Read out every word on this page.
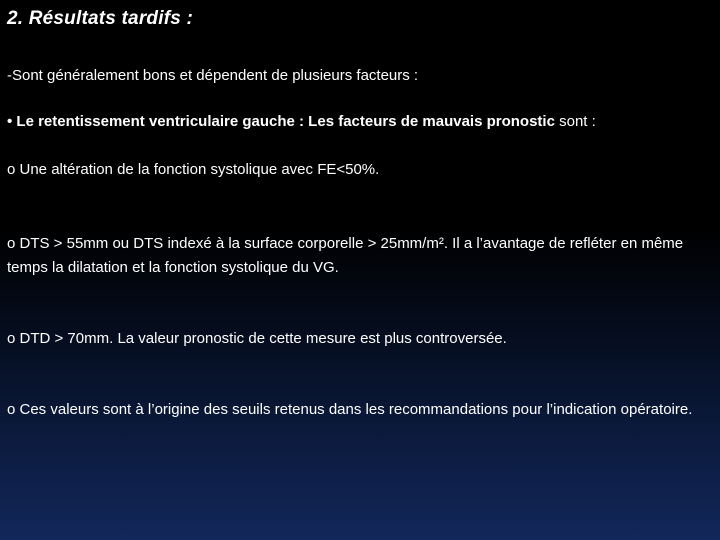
2. Résultats tardifs :
-Sont généralement bons et dépendent de plusieurs facteurs :
• Le retentissement ventriculaire gauche : Les facteurs de mauvais pronostic sont :
o Une altération de la fonction systolique avec FE<50%.
o DTS > 55mm ou DTS indexé à la surface corporelle > 25mm/m². Il a l’avantage de refléter en même temps la dilatation et la fonction systolique du VG.
o DTD > 70mm. La valeur pronostic de cette mesure est plus controversée.
o Ces valeurs sont à l’origine des seuils retenus dans les recommandations pour l’indication opératoire.
